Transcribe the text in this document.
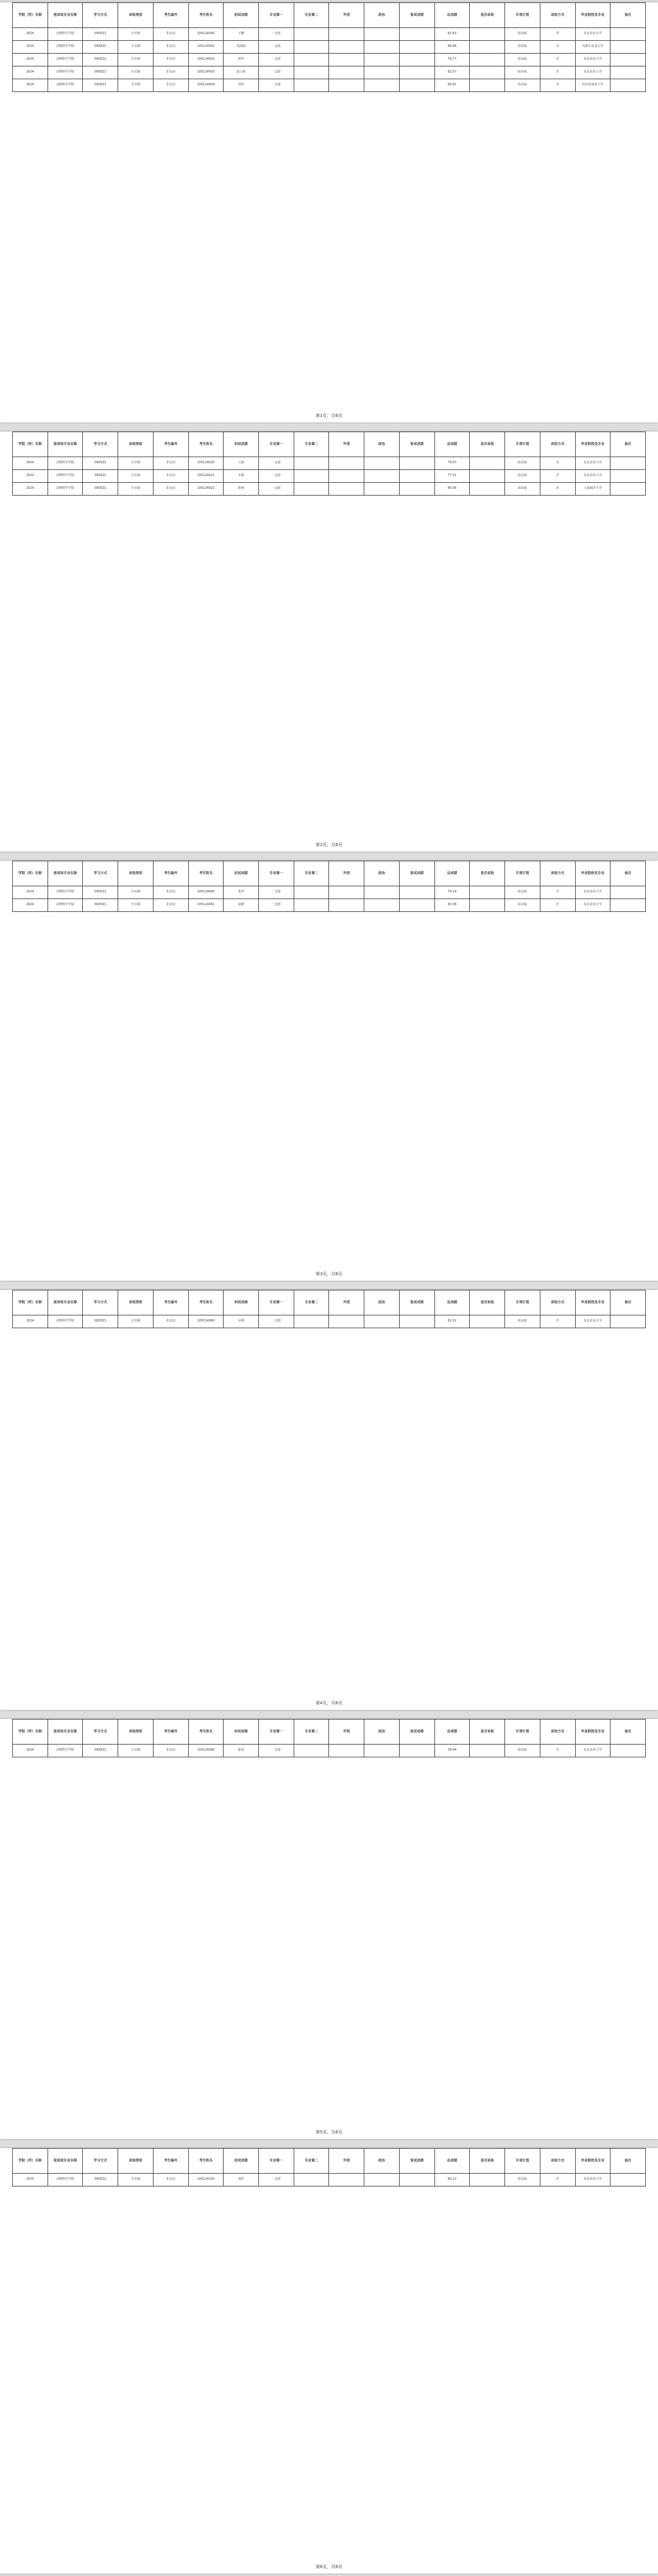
学院（所）名称	报录取专业名称	学习方式	录取类别	考生编号	考生姓名	初试成绩	专业课一	专业课二	外语	政治	复试成绩	总成绩	是否录取	专项计划	录取方式	毕业院校及专业	备注
2024	动物科学学院	0905Z1	全日制	非定向	105124000	王鹏	一志愿					81.63		拟录取	否	东北农业大学	
2024	动物科学学院	0905Z1	全日制	非定向	105124001	刘海娟	一志愿					84.88		拟录取	否	内蒙古农业大学	
2024	动物科学学院	0905Z1	全日制	非定向	105124002	韩华	一志愿					79.77		拟录取	否	东北农业大学	
2024	动物科学学院	0905Z1	全日制	非定向	105124003	赵立新	一志愿					82.57		拟录取	否	东北农业大学	
2024	动物科学学院	0905Z1	全日制	非定向	105124004	刘伟	一志愿					80.61		拟录取	否	哈尔滨商业大学	
第1页，共6页
学院（所）名称	报录取专业名称	学习方式	录取类别	考生编号	考生姓名	初试成绩	专业课一	专业课二	外语	政治	复试成绩	总成绩	是否录取	专项计划	录取方式	毕业院校及专业	备注
2024	动物科学学院	0905Z1	全日制	非定向	105124020	王丽	一志愿					78.67		拟录取	否	东北农业大学	
2024	动物科学学院	0905Z1	全日制	非定向	105124021	李强	一志愿					77.51		拟录取	否	东北农业大学	
2024	动物科学学院	0905Z1	全日制	非定向	105124022	孙明	一志愿					80.36		拟录取	否	上海海洋大学	
第2页，共6页
学院（所）名称	报录取专业名称	学习方式	录取类别	考生编号	考生姓名	初试成绩	专业课一	专业课二	外语	政治	复试成绩	总成绩	是否录取	专项计划	录取方式	毕业院校及专业	备注
2024	动物科学学院	0905Z1	全日制	非定向	105124040	张伟	一志愿					79.14		拟录取	否	东北农业大学	
2024	动物科学学院	0905Z1	全日制	非定向	105124041	周静	一志愿					82.08		拟录取	否	东北农业大学	
第3页，共6页
学院（所）名称	报录取专业名称	学习方式	录取类别	考生编号	考生姓名	初试成绩	专业课一	专业课二	外语	政治	复试成绩	总成绩	是否录取	专项计划	录取方式	毕业院校及专业	备注
2024	动物科学学院	0905Z1	全日制	非定向	105124060	吴刚	一志愿					81.02		拟录取	否	东北农业大学	
第4页，共6页
学院（所）名称	报录取专业名称	学习方式	录取类别	考生编号	考生姓名	初试成绩	专业课一	专业课二	外语	政治	复试成绩	总成绩	是否录取	专项计划	录取方式	毕业院校及专业	备注
2024	动物科学学院	0905Z1	全日制	非定向	105124080	陈晨	一志愿					78.94		拟录取	否	东北农业大学	
第5页，共6页
学院（所）名称	报录取专业名称	学习方式	录取类别	考生编号	考生姓名	初试成绩	专业课一	专业课二	外语	政治	复试成绩	总成绩	是否录取	专项计划	录取方式	毕业院校及专业	备注
2024	动物科学学院	0905Z1	全日制	非定向	105124100	刘洋	一志愿					80.12		拟录取	否	东北农业大学	
第6页，共6页
